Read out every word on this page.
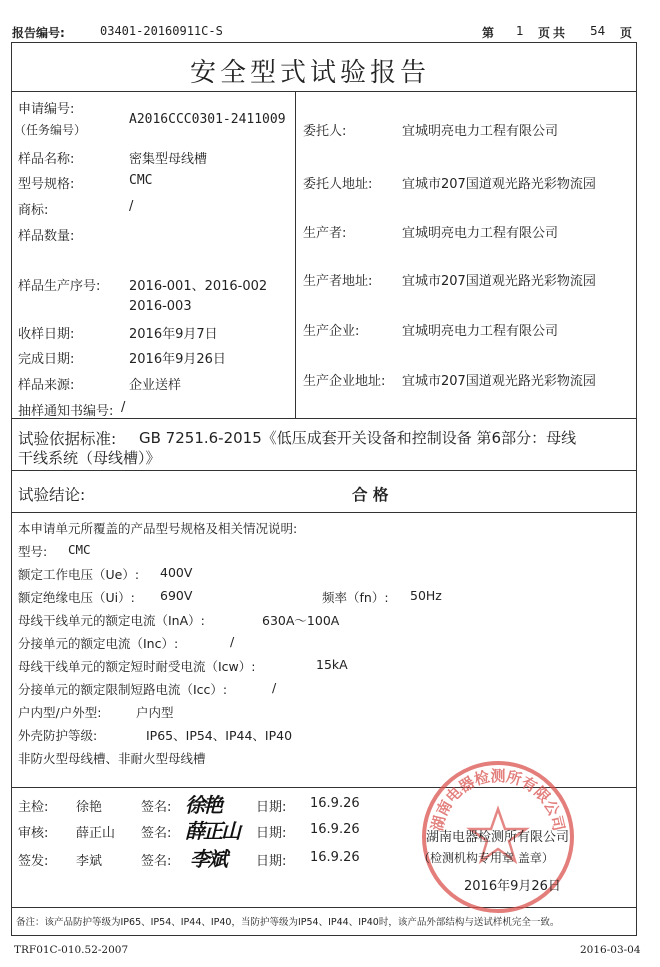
报告编号:	03401-20160911C-S	第 1 页共 54 页
安全型式试验报告
申请编号:
（任务编号）
A2016CCC0301-2411009
样品名称:	密集型母线槽
型号规格:	CMC
商标:	/
样品数量:
样品生产序号: 2016-001、2016-002
2016-003
收样日期:	2016年9月7日
完成日期:	2016年9月26日
样品来源:	企业送样
抽样通知书编号: /
委托人:	宜城明亮电力工程有限公司
委托人地址: 宜城市207国道观光路光彩物流园
生产者:	宜城明亮电力工程有限公司
生产者地址: 宜城市207国道观光路光彩物流园
生产企业:	宜城明亮电力工程有限公司
生产企业地址: 宜城市207国道观光路光彩物流园
试验依据标准: GB 7251.6-2015《低压成套开关设备和控制设备 第6部分：母线
干线系统（母线槽）》
试验结论:	合 格
本申请单元所覆盖的产品型号规格及相关情况说明:
型号: CMC
额定工作电压（Ue）: 400V
额定绝缘电压（Ui）: 690V	频率（fn）: 50Hz
母线干线单元的额定电流（InA）:	630A～100A
分接单元的额定电流（Inc）:	/
母线干线单元的额定短时耐受电流（Icw）:	15kA
分接单元的额定限制短路电流（Icc）:	/
户内型/户外型:	户内型
外壳防护等级:	IP65、IP54、IP44、IP40
非防火型母线槽、非耐火型母线槽
湖南电器检测所有限公司
主检: 徐艳	签名: 徐艳	日期: 16.9.26
审核: 薛正山 签名: 薛正山 日期: 16.9.26
签发: 李斌	签名: 李斌 日期: 16.9.26
湖南电器检测所有限公司
（检测机构专用章 盖章）
2016年9月26日
备注：该产品防护等级为IP65、IP54、IP44、IP40，当防护等级为IP54、IP44、IP40时，该产品外部结构与送试样机完全一致。
TRF01C-010.52-2007	2016-03-04
